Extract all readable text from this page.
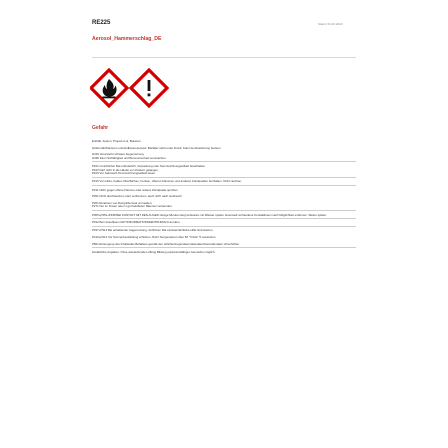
RE225	Stand: 01.02.2023
Aerosol_Hammerschlag_DE
Gefahr
Enthält: Aceton, Propan-2-ol, Butanon.
H222+H229 Extrem entzündbares Aerosol. Behälter steht unter Druck: Kann bei Erwärmung bersten.
H319 Verursacht schwere Augenreizung.
H336 Kann Schläfrigkeit und Benommenheit verursachen.
P101 Ist ärztlicher Rat erforderlich, Verpackung oder Kennzeichnungsetikett bereithalten.
P102 Darf nicht in die Hände von Kindern gelangen.
P103 Vor Gebrauch Kennzeichnungsetikett lesen.
P210 Von Hitze, heißen Oberflächen, Funken, offenen Flammen und anderen Zündquellen fernhalten. Nicht rauchen.
P211 Nicht gegen offene Flamme oder andere Zündquelle sprühen.
P251 Nicht durchstechen oder verbrennen, auch nicht nach Gebrauch.
P261 Einatmen von Dampf/Aerosol vermeiden.
P271 Nur im Freien oder in gut belüfteten Räumen verwenden.
P305+P351+P338 BEI KONTAKT MIT DEN AUGEN: Einige Minuten lang behutsam mit Wasser spülen. Eventuell vorhandene Kontaktlinsen nach Möglichkeit entfernen. Weiter spülen.
P312 Bei Unwohlsein GIFTINFORMATIONSZENTRUM/Arzt anrufen.
P337+P313 Bei anhaltender Augenreizung: Ärztlichen Rat einholen/ärztliche Hilfe hinzuziehen.
P410+P412 Vor Sonnenbestrahlung schützen. Nicht Temperaturen über 50 °C/122 °F aussetzen.
P501 Entsorgung des Inhalts/des Behälters gemäß den örtlichen/regionalen/nationalen/internationalen Vorschriften.
Zusätzliche Angaben: Ohne ausreichende Lüftung Bildung explosionsfähiger Gemische möglich.
